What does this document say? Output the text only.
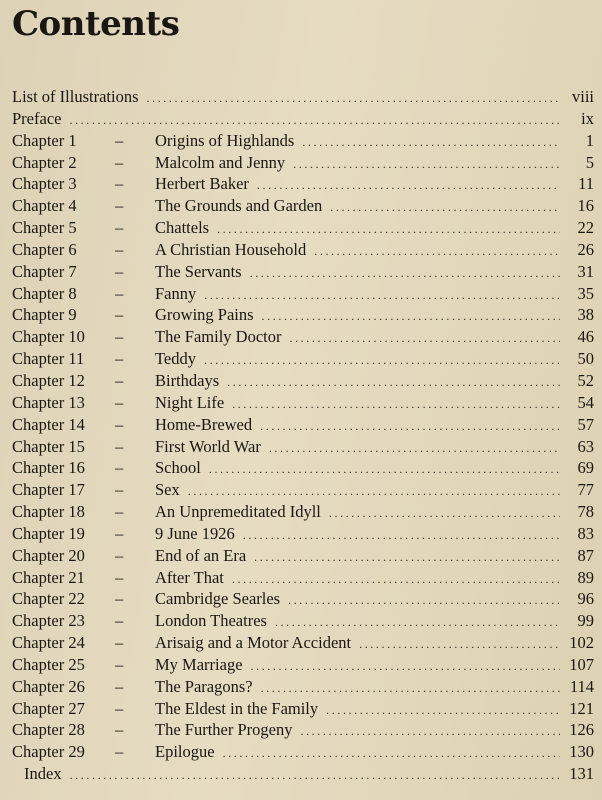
Contents
List of Illustrations . . .	viii
Preface . . .	ix
Chapter 1	–	Origins of Highlands . . .	1
Chapter 2	–	Malcolm and Jenny . . .	5
Chapter 3	–	Herbert Baker . . .	11
Chapter 4	–	The Grounds and Garden . . .	16
Chapter 5	–	Chattels . . .	22
Chapter 6	–	A Christian Household . . .	26
Chapter 7	–	The Servants . . .	31
Chapter 8	–	Fanny . . .	35
Chapter 9	–	Growing Pains . . .	38
Chapter 10	–	The Family Doctor . . .	46
Chapter 11	–	Teddy . . .	50
Chapter 12	–	Birthdays . . .	52
Chapter 13	–	Night Life . . .	54
Chapter 14	–	Home-Brewed . . .	57
Chapter 15	–	First World War . . .	63
Chapter 16	–	School . . .	69
Chapter 17	–	Sex . . .	77
Chapter 18	–	An Unpremeditated Idyll . . .	78
Chapter 19	–	9 June 1926 . . .	83
Chapter 20	–	End of an Era . . .	87
Chapter 21	–	After That . . .	89
Chapter 22	–	Cambridge Searles . . .	96
Chapter 23	–	London Theatres . . .	99
Chapter 24	–	Arisaig and a Motor Accident . . .	102
Chapter 25	–	My Marriage . . .	107
Chapter 26	–	The Paragons? . . .	114
Chapter 27	–	The Eldest in the Family . . .	121
Chapter 28	–	The Further Progeny . . .	126
Chapter 29	–	Epilogue . . .	130
Index . . .	131
